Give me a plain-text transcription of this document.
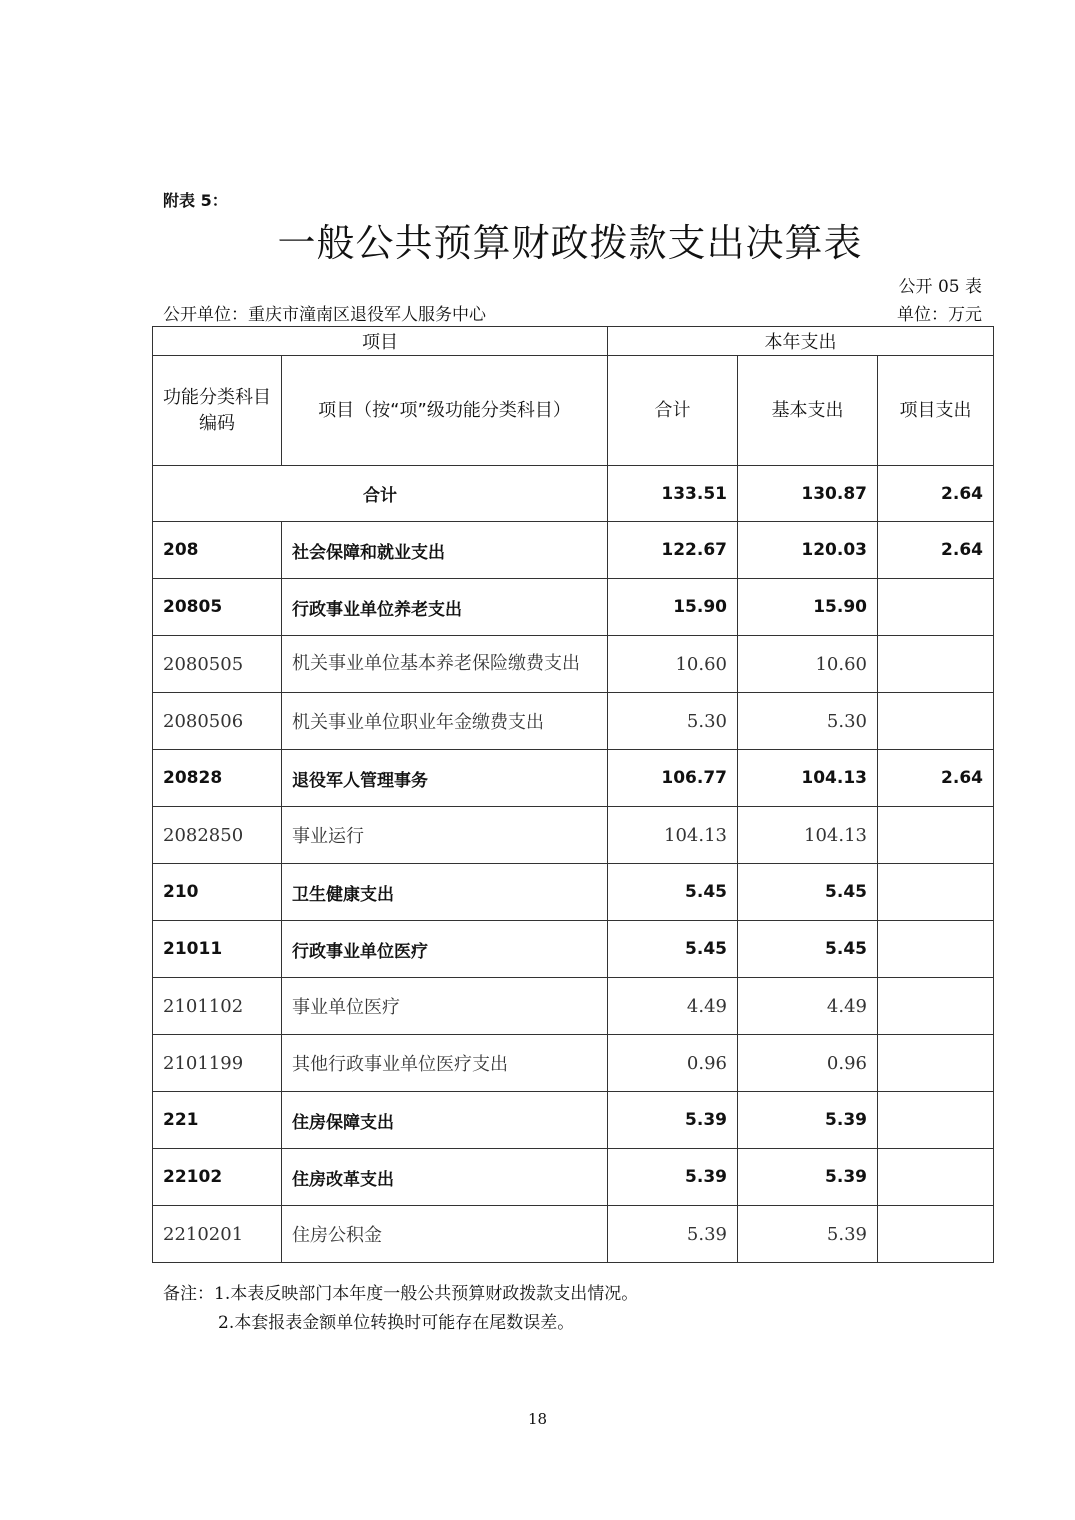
附表 5：
一般公共预算财政拨款支出决算表
公开 05 表
公开单位：重庆市潼南区退役军人服务中心	单位：万元
项目		本年支出		
功能分类科目编码	项目（按“项”级功能分类科目）	合计	基本支出	项目支出
合计		133.51	130.87	2.64
208	社会保障和就业支出	122.67	120.03	2.64
20805	行政事业单位养老支出	15.90	15.90	
2080505	机关事业单位基本养老保险缴费支出	10.60	10.60	
2080506	机关事业单位职业年金缴费支出	5.30	5.30	
20828	退役军人管理事务	106.77	104.13	2.64
2082850	事业运行	104.13	104.13	
210	卫生健康支出	5.45	5.45	
21011	行政事业单位医疗	5.45	5.45	
2101102	事业单位医疗	4.49	4.49	
2101199	其他行政事业单位医疗支出	0.96	0.96	
221	住房保障支出	5.39	5.39	
22102	住房改革支出	5.39	5.39	
2210201	住房公积金	5.39	5.39	
备注：1.本表反映部门本年度一般公共预算财政拨款支出情况。
2.本套报表金额单位转换时可能存在尾数误差。
18
